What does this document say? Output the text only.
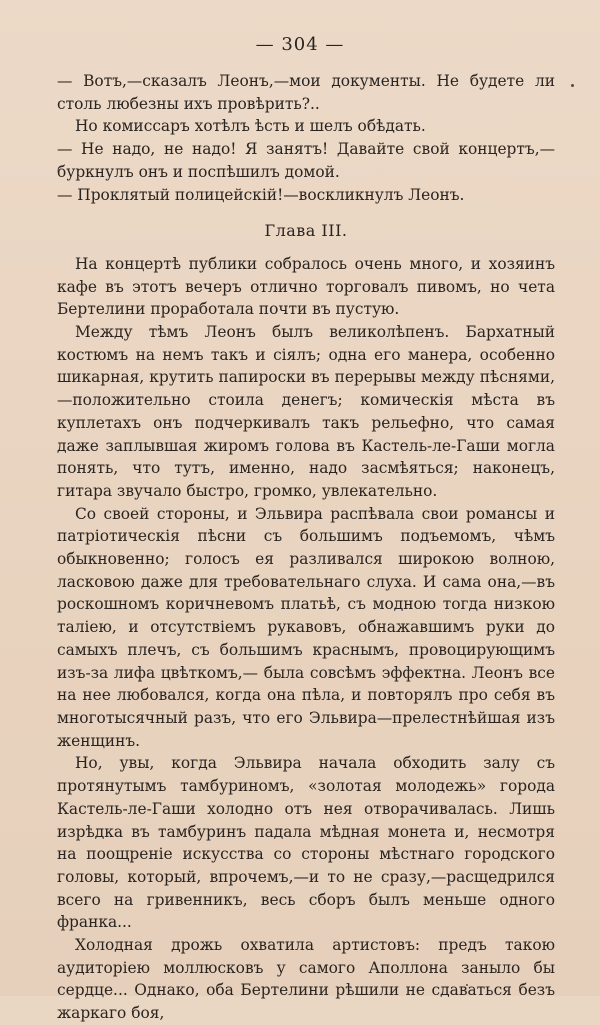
— 304 —

— Вотъ,—сказалъ Леонъ,—мои документы. Не будете ли столь любезны ихъ провѣрить?..

Но комиссаръ хотѣлъ ѣсть и шелъ обѣдать.

— Не надо, не надо! Я занятъ! Давайте свой концертъ,— буркнулъ онъ и поспѣшилъ домой.

— Проклятый полицейскій!—воскликнулъ Леонъ.

Глава III.

На концертѣ публики собралось очень много, и хозяинъ кафе въ этотъ вечеръ отлично торговалъ пивомъ, но чета Бертелини проработала почти въ пустую.

Между тѣмъ Леонъ былъ великолѣпенъ. Бархатный костюмъ на немъ такъ и сіялъ; одна его манера, особенно шикарная, крутить папироски въ перерывы между пѣснями,—положительно стоила денегъ; комическія мѣста въ куплетахъ онъ подчеркивалъ такъ рельефно, что самая даже заплывшая жиромъ голова въ Кастель-ле-Гаши могла понять, что тутъ, именно, надо засмѣяться; наконецъ, гитара звучало быстро, громко, увлекательно.

Со своей стороны, и Эльвира распѣвала свои романсы и патріотическія пѣсни съ большимъ подъемомъ, чѣмъ обыкновенно; голосъ ея разливался широкою волною, ласковою даже для требовательнаго слуха. И сама она,—въ роскошномъ коричневомъ платьѣ, съ модною тогда низкою таліею, и отсутствіемъ рукавовъ, обнажавшимъ руки до самыхъ плечъ, съ большимъ краснымъ, провоцирующимъ изъ-за лифа цвѣткомъ,— была совсѣмъ эффектна. Леонъ все на нее любовался, когда она пѣла, и повторялъ про себя въ многотысячный разъ, что его Эльвира—прелестнѣйшая изъ женщинъ.

Но, увы, когда Эльвира начала обходить залу съ протянутымъ тамбуриномъ, «золотая молодежь» города Кастель-ле-Гаши холодно отъ нея отворачивалась. Лишь изрѣдка въ тамбуринъ падала мѣдная монета и, несмотря на поощреніе искусства со стороны мѣстнаго городского головы, который, впрочемъ,—и то не сразу,—расщедрился всего на гривенникъ, весь сборъ былъ меньше одного франка...

Холодная дрожь охватила артистовъ: предъ такою аудиторіею моллюсковъ у самого Аполлона заныло бы сердце... Однако, оба Бертелини рѣшили не сдаваться безъ жаркаго боя,
